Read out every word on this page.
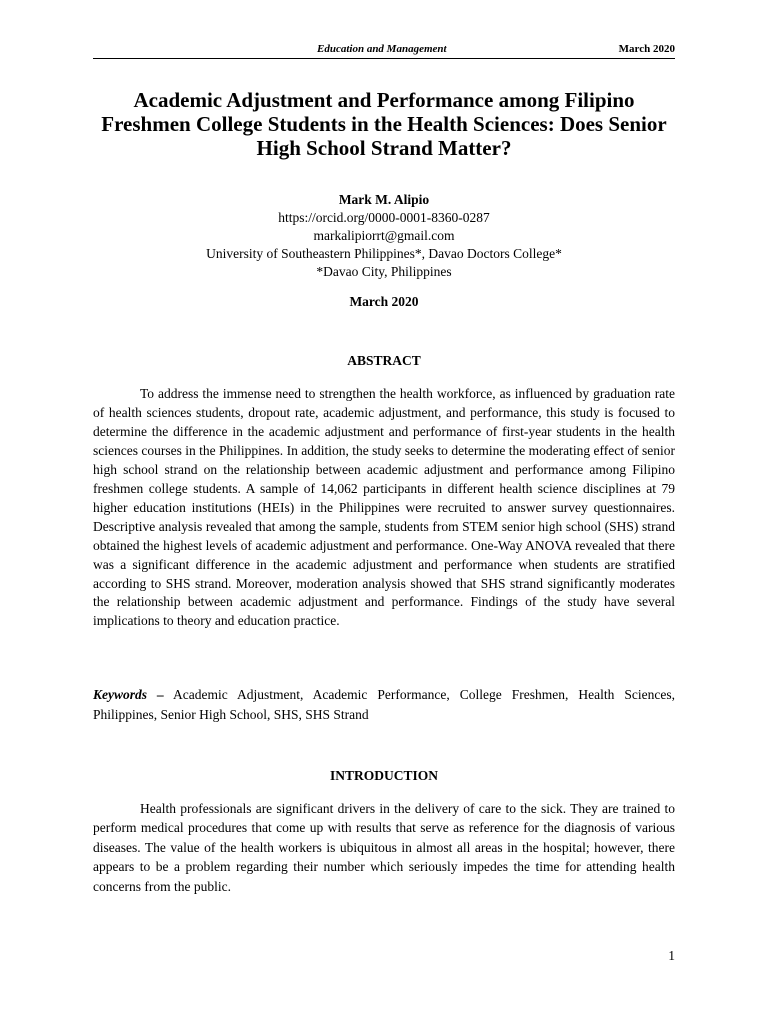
Education and Management	March 2020
Academic Adjustment and Performance among Filipino Freshmen College Students in the Health Sciences: Does Senior High School Strand Matter?
Mark M. Alipio
https://orcid.org/0000-0001-8360-0287
markalipiorrt@gmail.com
University of Southeastern Philippines*, Davao Doctors College*
*Davao City, Philippines
March 2020
ABSTRACT

To address the immense need to strengthen the health workforce, as influenced by graduation rate of health sciences students, dropout rate, academic adjustment, and performance, this study is focused to determine the difference in the academic adjustment and performance of first-year students in the health sciences courses in the Philippines. In addition, the study seeks to determine the moderating effect of senior high school strand on the relationship between academic adjustment and performance among Filipino freshmen college students. A sample of 14,062 participants in different health science disciplines at 79 higher education institutions (HEIs) in the Philippines were recruited to answer survey questionnaires. Descriptive analysis revealed that among the sample, students from STEM senior high school (SHS) strand obtained the highest levels of academic adjustment and performance. One-Way ANOVA revealed that there was a significant difference in the academic adjustment and performance when students are stratified according to SHS strand. Moreover, moderation analysis showed that SHS strand significantly moderates the relationship between academic adjustment and performance. Findings of the study have several implications to theory and education practice.

Keywords – Academic Adjustment, Academic Performance, College Freshmen, Health Sciences, Philippines, Senior High School, SHS, SHS Strand

INTRODUCTION

Health professionals are significant drivers in the delivery of care to the sick. They are trained to perform medical procedures that come up with results that serve as reference for the diagnosis of various diseases. The value of the health workers is ubiquitous in almost all areas in the hospital; however, there appears to be a problem regarding their number which seriously impedes the time for attending health concerns from the public.

1
